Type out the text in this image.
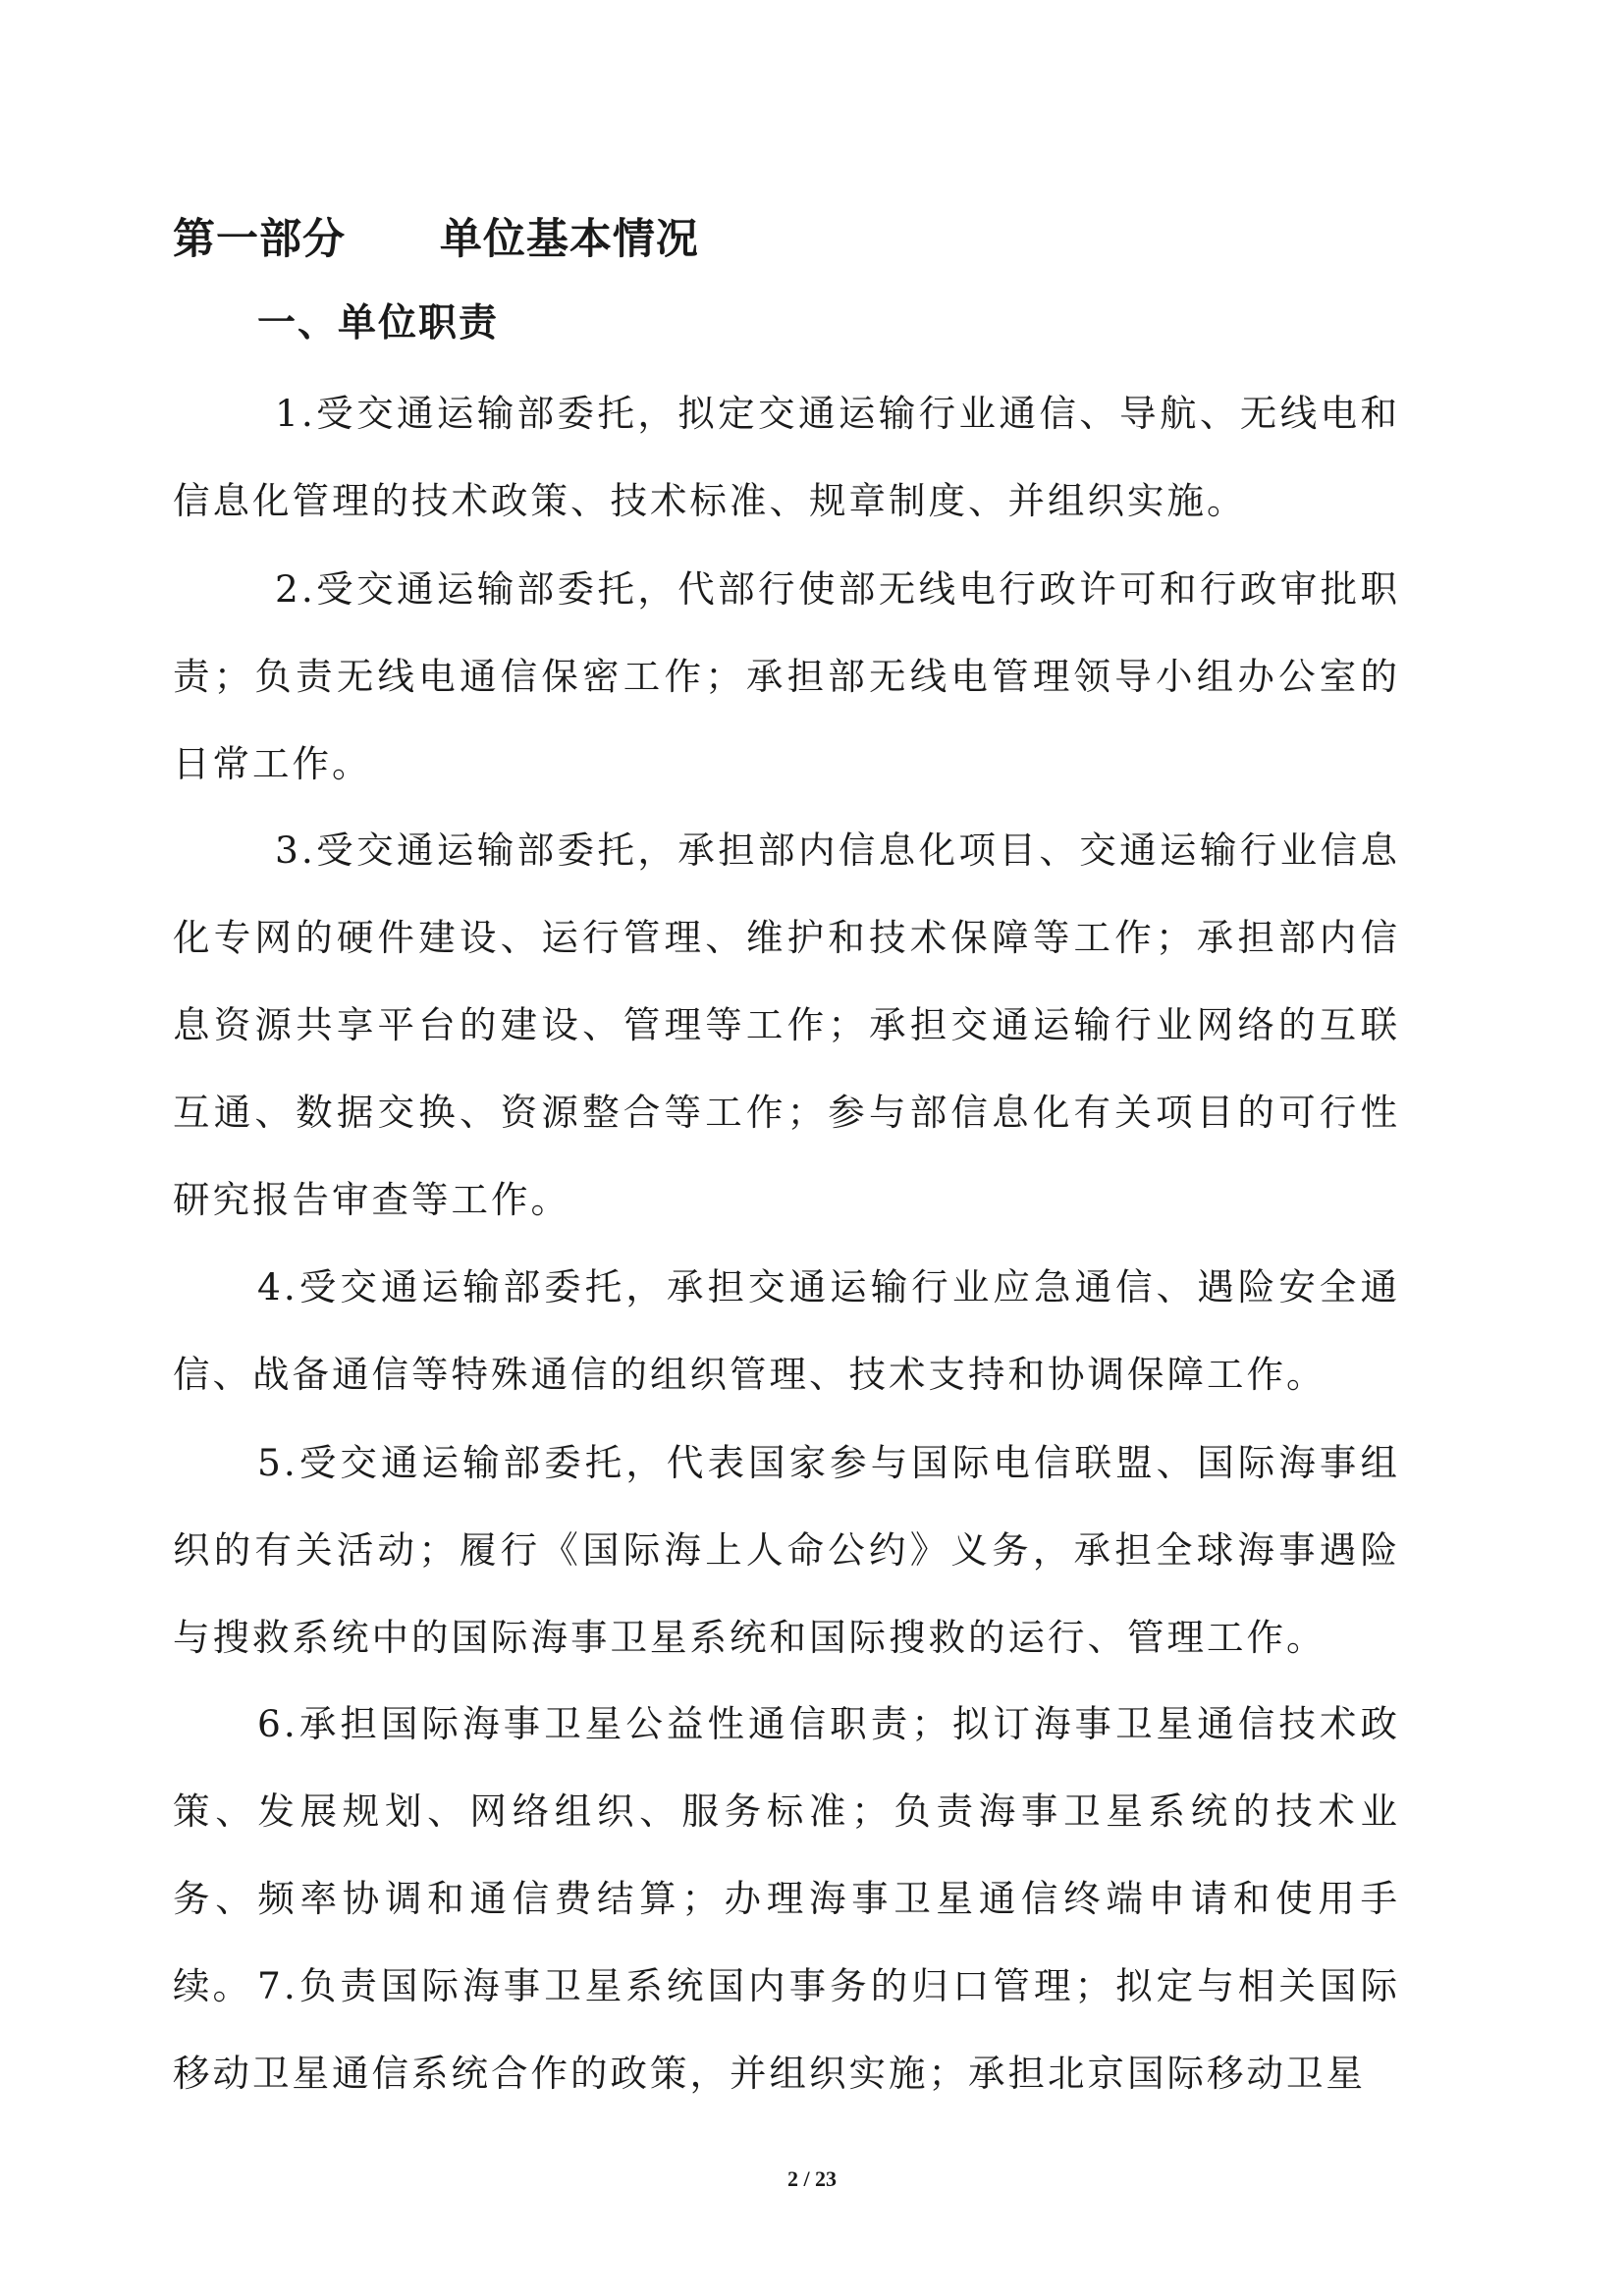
第一部分      单位基本情况
一、单位职责

1.受交通运输部委托，拟定交通运输行业通信、导航、无线电和信息化管理的技术政策、技术标准、规章制度、并组织实施。

2.受交通运输部委托，代部行使部无线电行政许可和行政审批职责；负责无线电通信保密工作；承担部无线电管理领导小组办公室的日常工作。

3.受交通运输部委托，承担部内信息化项目、交通运输行业信息化专网的硬件建设、运行管理、维护和技术保障等工作；承担部内信息资源共享平台的建设、管理等工作；承担交通运输行业网络的互联互通、数据交换、资源整合等工作；参与部信息化有关项目的可行性研究报告审查等工作。

4.受交通运输部委托，承担交通运输行业应急通信、遇险安全通信、战备通信等特殊通信的组织管理、技术支持和协调保障工作。

5.受交通运输部委托，代表国家参与国际电信联盟、国际海事组织的有关活动；履行《国际海上人命公约》义务，承担全球海事遇险与搜救系统中的国际海事卫星系统和国际搜救的运行、管理工作。

6.承担国际海事卫星公益性通信职责；拟订海事卫星通信技术政策、发展规划、网络组织、服务标准；负责海事卫星系统的技术业务、频率协调和通信费结算；办理海事卫星通信终端申请和使用手续。 7.负责国际海事卫星系统国内事务的归口管理；拟定与相关国际移动卫星通信系统合作的政策，并组织实施；承担北京国际移动卫星

2 / 23
